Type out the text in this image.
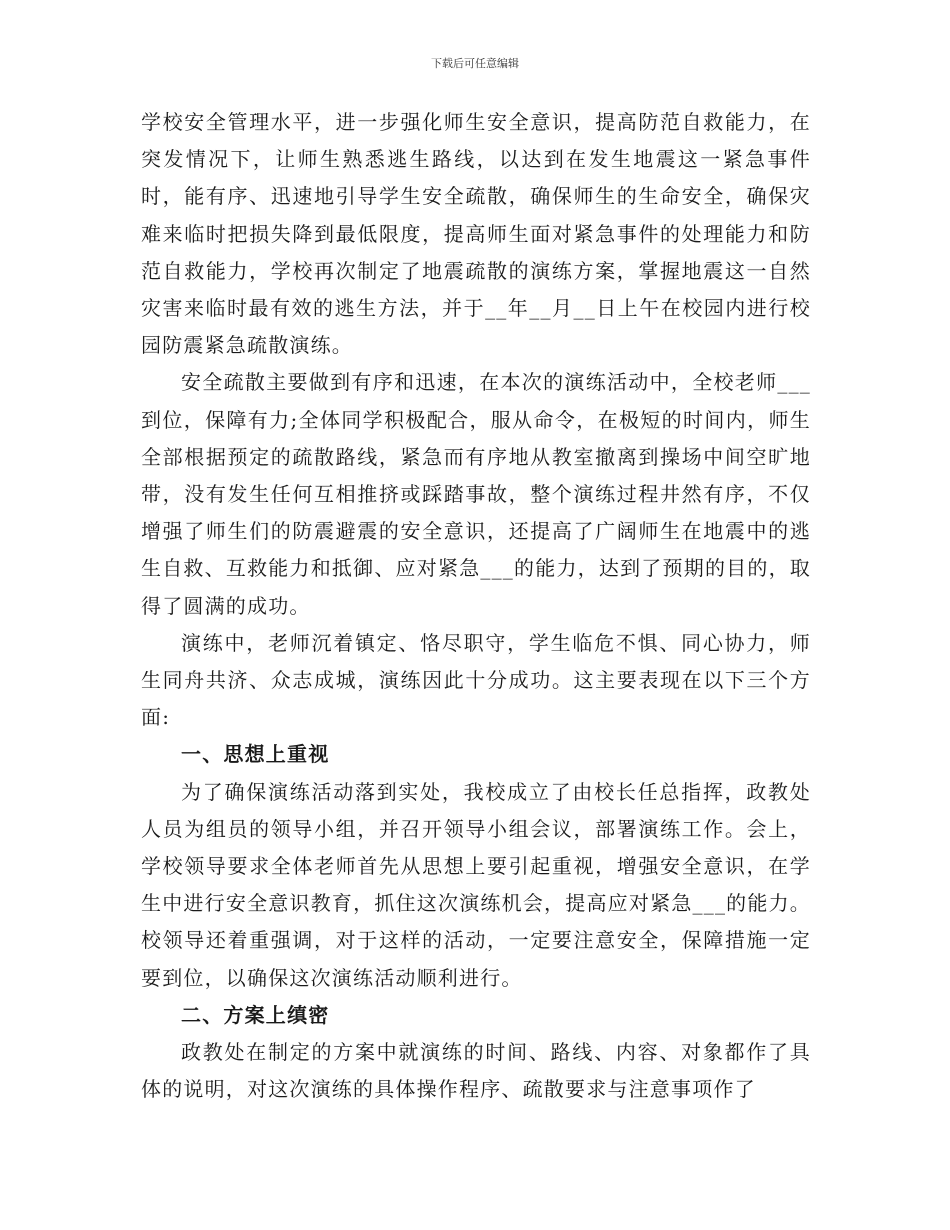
下载后可任意编辑

学校安全管理水平，进一步强化师生安全意识，提高防范自救能力，在突发情况下，让师生熟悉逃生路线，以达到在发生地震这一紧急事件时，能有序、迅速地引导学生安全疏散，确保师生的生命安全，确保灾难来临时把损失降到最低限度，提高师生面对紧急事件的处理能力和防范自救能力，学校再次制定了地震疏散的演练方案，掌握地震这一自然灾害来临时最有效的逃生方法，并于__年__月__日上午在校园内进行校园防震紧急疏散演练。

安全疏散主要做到有序和迅速，在本次的演练活动中，全校老师___到位，保障有力;全体同学积极配合，服从命令，在极短的时间内，师生全部根据预定的疏散路线，紧急而有序地从教室撤离到操场中间空旷地带，没有发生任何互相推挤或踩踏事故，整个演练过程井然有序，不仅增强了师生们的防震避震的安全意识，还提高了广阔师生在地震中的逃生自救、互救能力和抵御、应对紧急___的能力，达到了预期的目的，取得了圆满的成功。

演练中，老师沉着镇定、恪尽职守，学生临危不惧、同心协力，师生同舟共济、众志成城，演练因此十分成功。这主要表现在以下三个方面:

一、思想上重视

为了确保演练活动落到实处，我校成立了由校长任总指挥，政教处人员为组员的领导小组，并召开领导小组会议，部署演练工作。会上，学校领导要求全体老师首先从思想上要引起重视，增强安全意识，在学生中进行安全意识教育，抓住这次演练机会，提高应对紧急___的能力。校领导还着重强调，对于这样的活动，一定要注意安全，保障措施一定要到位，以确保这次演练活动顺利进行。

二、方案上缜密

政教处在制定的方案中就演练的时间、路线、内容、对象都作了具体的说明，对这次演练的具体操作程序、疏散要求与注意事项作了
